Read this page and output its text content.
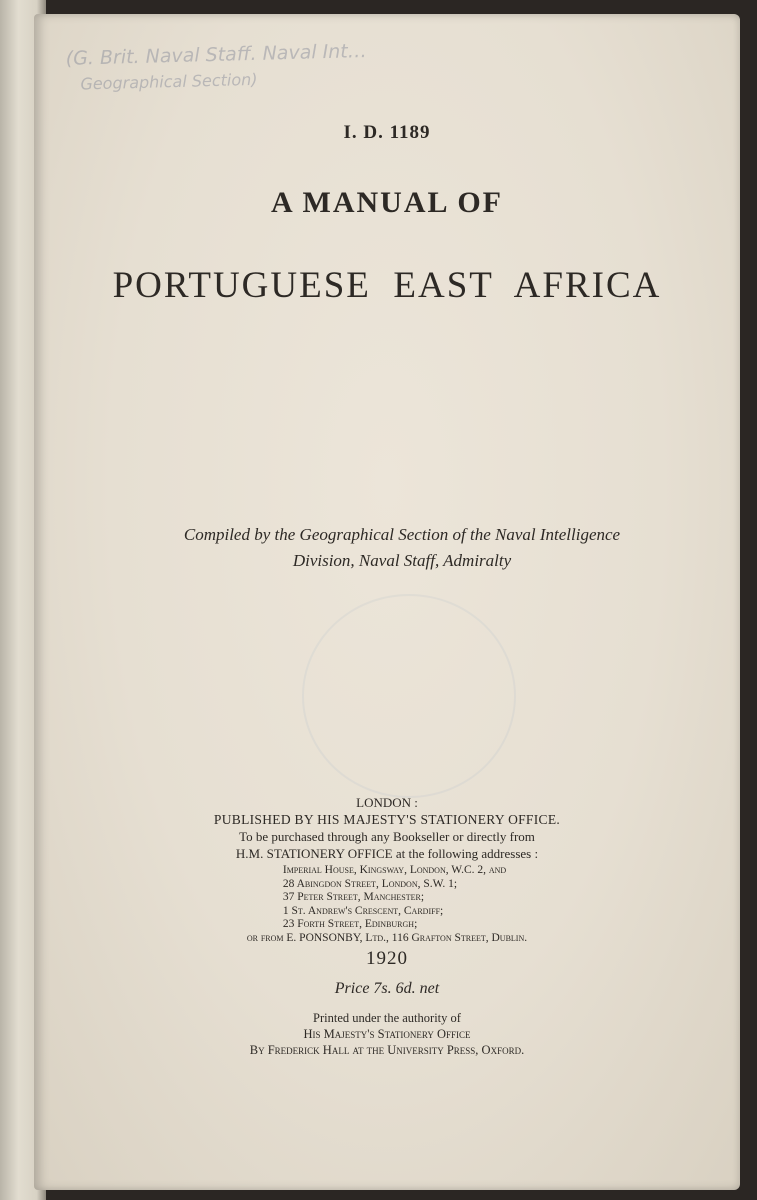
(G. Brit. Naval Staff. Naval Int…
Geographical Section)
I. D. 1189
A MANUAL OF
PORTUGUESE  EAST  AFRICA
Compiled by the Geographical Section of the Naval Intelligence
Division, Naval Staff, Admiralty
LONDON :
PUBLISHED BY HIS MAJESTY'S STATIONERY OFFICE.
To be purchased through any Bookseller or directly from
H.M. STATIONERY OFFICE at the following addresses :
Imperial House, Kingsway, London, W.C. 2, and
28 Abingdon Street, London, S.W. 1;
37 Peter Street, Manchester;
1 St. Andrew's Crescent, Cardiff;
23 Forth Street, Edinburgh;
or from E. PONSONBY, Ltd., 116 Grafton Street, Dublin.
1920
Price 7s. 6d. net
Printed under the authority of
His Majesty's Stationery Office
By Frederick Hall at the University Press, Oxford.
